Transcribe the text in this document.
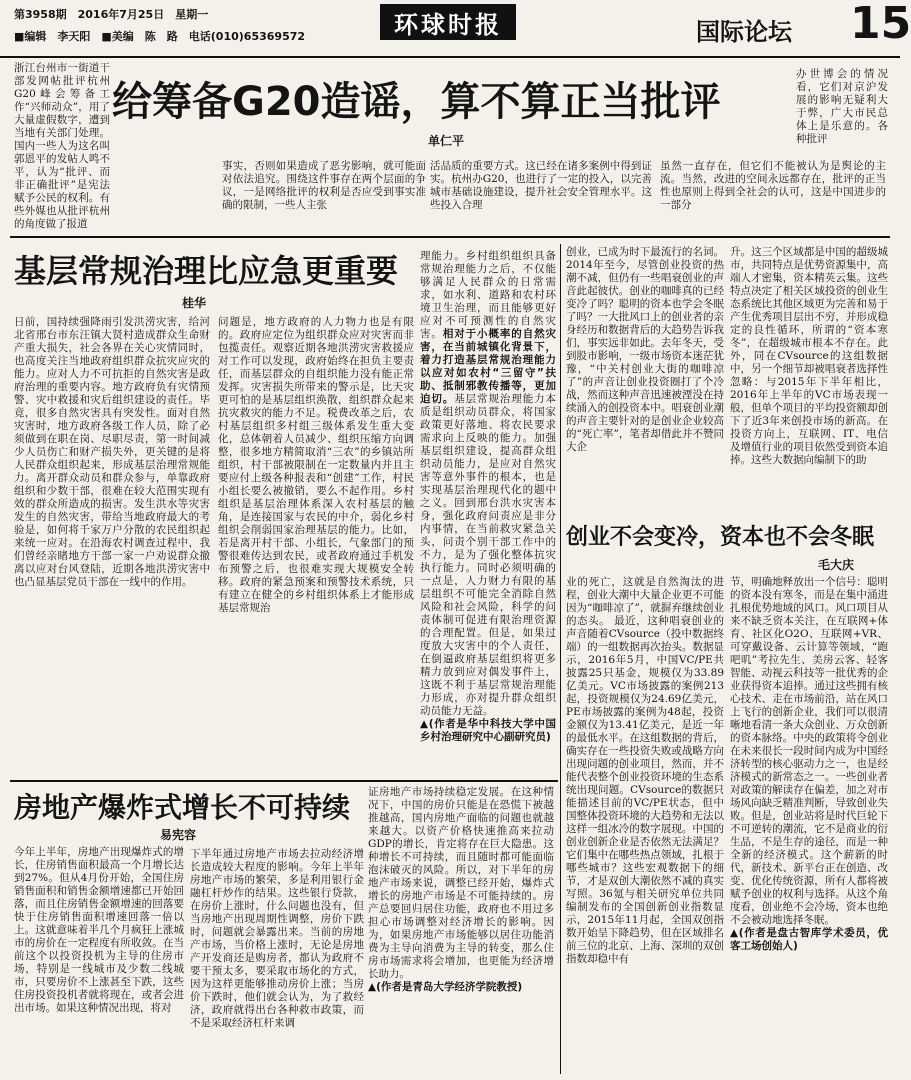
第3958期　2016年7月25日　星期一
■编辑　李天阳　■美编　陈　路　电话(010)65369572	环球时报	国际论坛 15
浙江台州市一街道干部发网帖批评杭州G20峰会筹备工作“兴师动众”，用了大量虚假数字，遭到当地有关部门处理。国内一些人为这名叫郭恩平的发帖人鸣不平，认为“批评、而非正确批评”是宪法赋予公民的权利。有些外媒也从批评杭州的角度做了报道
给筹备G20造谣，算不算正当批评
单仁平
事实，否则如果造成了恶劣影响，就可能面对依法追究。围绕这件事存在两个层面的争议，一是网络批评的权利是否应受到事实准确的限制，一些人主张
活品质的重要方式。这已经在诸多案例中得到证实。杭州办G20，也进行了一定的投入，以完善城市基础设施建设，提升社会安全管理水平。这些投入合理
虽然一直存在，但它们不能被认为是舆论的主流。当然，改进的空间永远都存在，批评的正当性也原则上得到全社会的认可，这是中国进步的一部分
办世博会的情况看，它们对京沪发展的影响无疑利大于弊，广大市民总体上是乐意的。各种批评
基层常规治理比应急更重要
桂华
日前，国持续强降雨引发洪涝灾害，给河北省邢台市东汪镇大贤村造成群众生命财产重大损失，社会各界在关心灾情同时，也高度关注当地政府组织群众抗灾应灾的能力。应对人力不可抗拒的自然灾害是政府治理的重要内容。地方政府负有灾情预警、灾中救援和灾后组织建设的责任。毕竟，很多自然灾害具有突发性。面对自然灾害时，地方政府各级工作人员，除了必须做到在职在岗、尽职尽责，第一时间减少人员伤亡和财产损失外，更关键的是将人民群众组织起来，形成基层治理常规能力。离开群众动员和群众参与，单靠政府组织和少数干部，很难在较大范围实现有效的群众所造成的损害。发生洪水等灾害发生的自然灾害，带给当地政府最大的考验是，如何将千家万户分散的农民组织起来统一应对。在沿海农村调查过程中，我们曾经亲睹地方干部一家一户劝说群众撤离以应对台风登陆，近期各地洪涝灾害中也凸显基层党员干部在一线中的作用。
问题是，地方政府的人力物力也是有限的。政府应定位为组织群众应对灾害而非包揽责任。观察近期各地洪涝灾害救援应对工作可以发现，政府始终在担负主要责任，而基层群众的自组织能力没有能正常发挥。灾害损失所带来的警示是，比天灾更可怕的是基层组织涣散，组织群众起来抗灾救灾的能力不足。税费改革之后，农村基层组织多村组三级体系发生重大变化，总体朝着人员减少、组织压缩方向调整，很多地方精简取消“三农”的乡镇站所组织，村干部被限制在一定数量内并且主要应付上级各种报表和“创建”工作，村民小组长要么被撤销，要么不起作用。乡村组织是基层治理体系深入农村基层的触角，是连接国家与农民的中介，弱化乡村组织会削弱国家治理基层的能力。比如，若是离开村干部、小组长，气象部门的预警很难传达到农民，或者政府通过手机发布预警之后，也很难实现大规模安全转移。政府的紧急预案和预警技术系统，只有建立在健全的乡村组织体系上才能形成基层常规治
理能力。乡村组织组织具备常规治理能力之后，不仅能够满足人民群众的日常需求，如水利、道路和农村环境卫生治理，而且能够更好应对不可预测性的自然灾害。相对于小概率的自然灾害，在当前城镇化背景下，着力打造基层常规治理能力以应对如农村“三留守”扶助、抵制邪教传播等，更加迫切。基层常规治理能力本质是组织动员群众，将国家政策更好落地、将农民要求需求向上反映的能力。加强基层组织建设，提高群众组织动员能力，是应对自然灾害等意外事件的根本，也是实现基层治理现代化的题中之义。回到邢台洪水灾害本身，强化政府问责应是非分内事情，在当前救灾紧急关头，问责个别干部工作中的不力，是为了强化整体抗灾执行能力。同时必须明确的一点是，人力财力有限的基层组织不可能完全消除自然风险和社会风险，科学的问责体制可促进有限治理资源的合理配置。但是，如果过度放大灾害中的个人责任，在倒逼政府基层组织将更多精力放到应对偶发事件上，这既不利于基层常规治理能力形成，亦对提升群众组织动员能力无益。
▲(作者是华中科技大学中国乡村治理研究中心副研究员)
房地产爆炸式增长不可持续
易宪容
今年上半年，房地产出现爆炸式的增长，住房销售面积最高一个月增长达到27%。但从4月份开始，全国住房销售面积和销售金额增速都已开始回落，而且住房销售金额增速的回落要快于住房销售面积增速回落一倍以上。这就意味着半几个月疯狂上涨城市的房价在一定程度有所收敛。在当前这个以投资投机为主导的住房市场，特别是一线城市及少数二线城市，只要房价不上涨甚至下跌，这些住房投资投机者就将现在，或者会进出市场。如果这种情况出现，将对
下半年通过房地产市场去拉动经济增长造成较大程度的影响。今年上半年房地产市场的繁荣，多是利用银行金融杠杆炒作的结果。这些银行贷款，在房价上涨时，什么问题也没有，但当房地产出现周期性调整，房价下跌时，问题就会暴露出来。当前的房地产市场，当价格上涨时，无论是房地产开发商还是购房者，都认为政府不要干预太多，要采取市场化的方式，因为这样更能够推动房价上涨；当房价下跌时，他们就会认为，为了救经济，政府就得出台各种救市政策，而不是采取经济杠杆来调
证房地产市场持续稳定发展。在这种情况下，中国的房价只能是在恐慌下被越推越高，国内房地产面临的问题也就越来越大。以资产价格快速推高来拉动GDP的增长，肯定将存在巨大隐患。这种增长不可持续，而且随时都可能面临泡沫破灭的风险。所以，对下半年的房地产市场来说，调整已经开始，爆炸式增长的房地产市场是不可能持续的。房产总要回归居住功能，政府也不用过多担心市场调整对经济增长的影响。因为，如果房地产市场能够以居住功能消费为主导向消费为主导的转变，那么住房市场需求将会增加，也更能为经济增长助力。
▲(作者是青岛大学经济学院教授)
创业，已成为时下最流行的名词。2014年至今，尽管创业投资的热潮不减，但仍有一些唱衰创业的声音此起彼伏。创业的咖啡真的已经变冷了吗？聪明的资本也学会冬眠了吗？一大批风口上的创业者的亲身经历和数据背后的大趋势告诉我们，事实远非如此。去年冬天，受到股市影响，一级市场资本迷茫犹豫，“中关村创业大街的咖啡凉了”的声音让创业投资圈打了个冷战，然而这种声音迅速被湮没在持续涌入的创投资本中。唱衰创业潮的声音主要针对的是创业企业较高的“死亡率”，笔者却借此并不赞同大企
升。这三个区域都是中国的超级城市，共同特点是优势资源集中，高端人才密集，资本精英云集。这些特点决定了相关区域投资的创业生态系统比其他区域更为完善和易于产生优秀项目层出不穷，并形成稳定的良性循环，所谓的“资本寒冬”，在超级城市根本不存在。此外，同在CVsource的这组数据中，另一个细节却被唱衰者选择性忽略：与2015年下半年相比，2016年上半年的VC市场表现一般，但单个项目的平均投资额却创下了近3年来创投市场的新高。在投资方向上，互联网、IT、电信及增值行业的项目依然受到资本追捧。这些大数据向编制下的助
创业不会变冷，资本也不会冬眠
毛大庆
业的死亡，这就是自然淘汰的进程，创业大潮中大量企业更不可能因为“咖啡凉了”，就摒弃继续创业的态头。 最近，这种唱衰创业的声音随着CVsource（投中数据终端）的一组数据再次抬头。数据显示，2016年5月，中国VC/PE共披露25只基金，规模仅为33.89亿美元。VC市场披露的案例213起，投资规模仅为24.69亿美元，PE市场披露的案例为48起，投资金额仅为13.41亿美元，是近一年的最低水平。在这组数据的背后，确实存在一些投资失败或战略方向出现问题的创业项目，然而，并不能代表整个创业投资环境的生态系统出现问题。CVsource的数据只能描述目前的VC/PE状态，但中国整体投资环境的大趋势和无法以这样一组冰冷的数字展现。中国的创业创新企业是否依然无法满足？它们集中在哪些热点领域，扎根于哪些城市？这些宏观数据下的细节，才是双创大潮依然不减的真实写照。36氪与相关研究单位共同编制发布的全国创新创业指数显示，2015年11月起，全国双创指数开始呈下降趋势，但在区域排名前三位的北京、上海、深圳的双创指数却稳中有
节，明确地释放出一个信号：聪明的资本没有寒冬，而是在集中涌进扎根优势地域的风口。风口项目从来不缺乏资本关注，在互联网+体育、社区化O2O、互联网+VR、可穿戴设备、云计算等领域，“跑吧叽”考拉先生、美房云客、轻客智能、动视云科技等一批优秀的企业获得资本追捧。通过这些拥有核心技术、走在市场前沿，站在风口上飞行的创新企业，我们可以很清晰地看清一条大众创业、万众创新的资本脉络。中央的政策将令创业在未来很长一段时间内成为中国经济转型的核心驱动力之一，也是经济模式的新常态之一。一些创业者对政策的解读存在偏差，加之对市场风向缺乏精准判断，导致创业失败。但是，创业站将是时代巨轮下不可逆转的潮流，它不是商业的衍生品，不是生存的途径，而是一种全新的经济模式。这个薪新的时代，新技术、新平台正在创造、改变、优化传统资源，所有人都将被赋予创业的权利与选择。从这个角度看，创业绝不会冷场，资本也绝不会被动地选择冬眠。
▲(作者是盘古智库学术委员，优客工场创始人)
